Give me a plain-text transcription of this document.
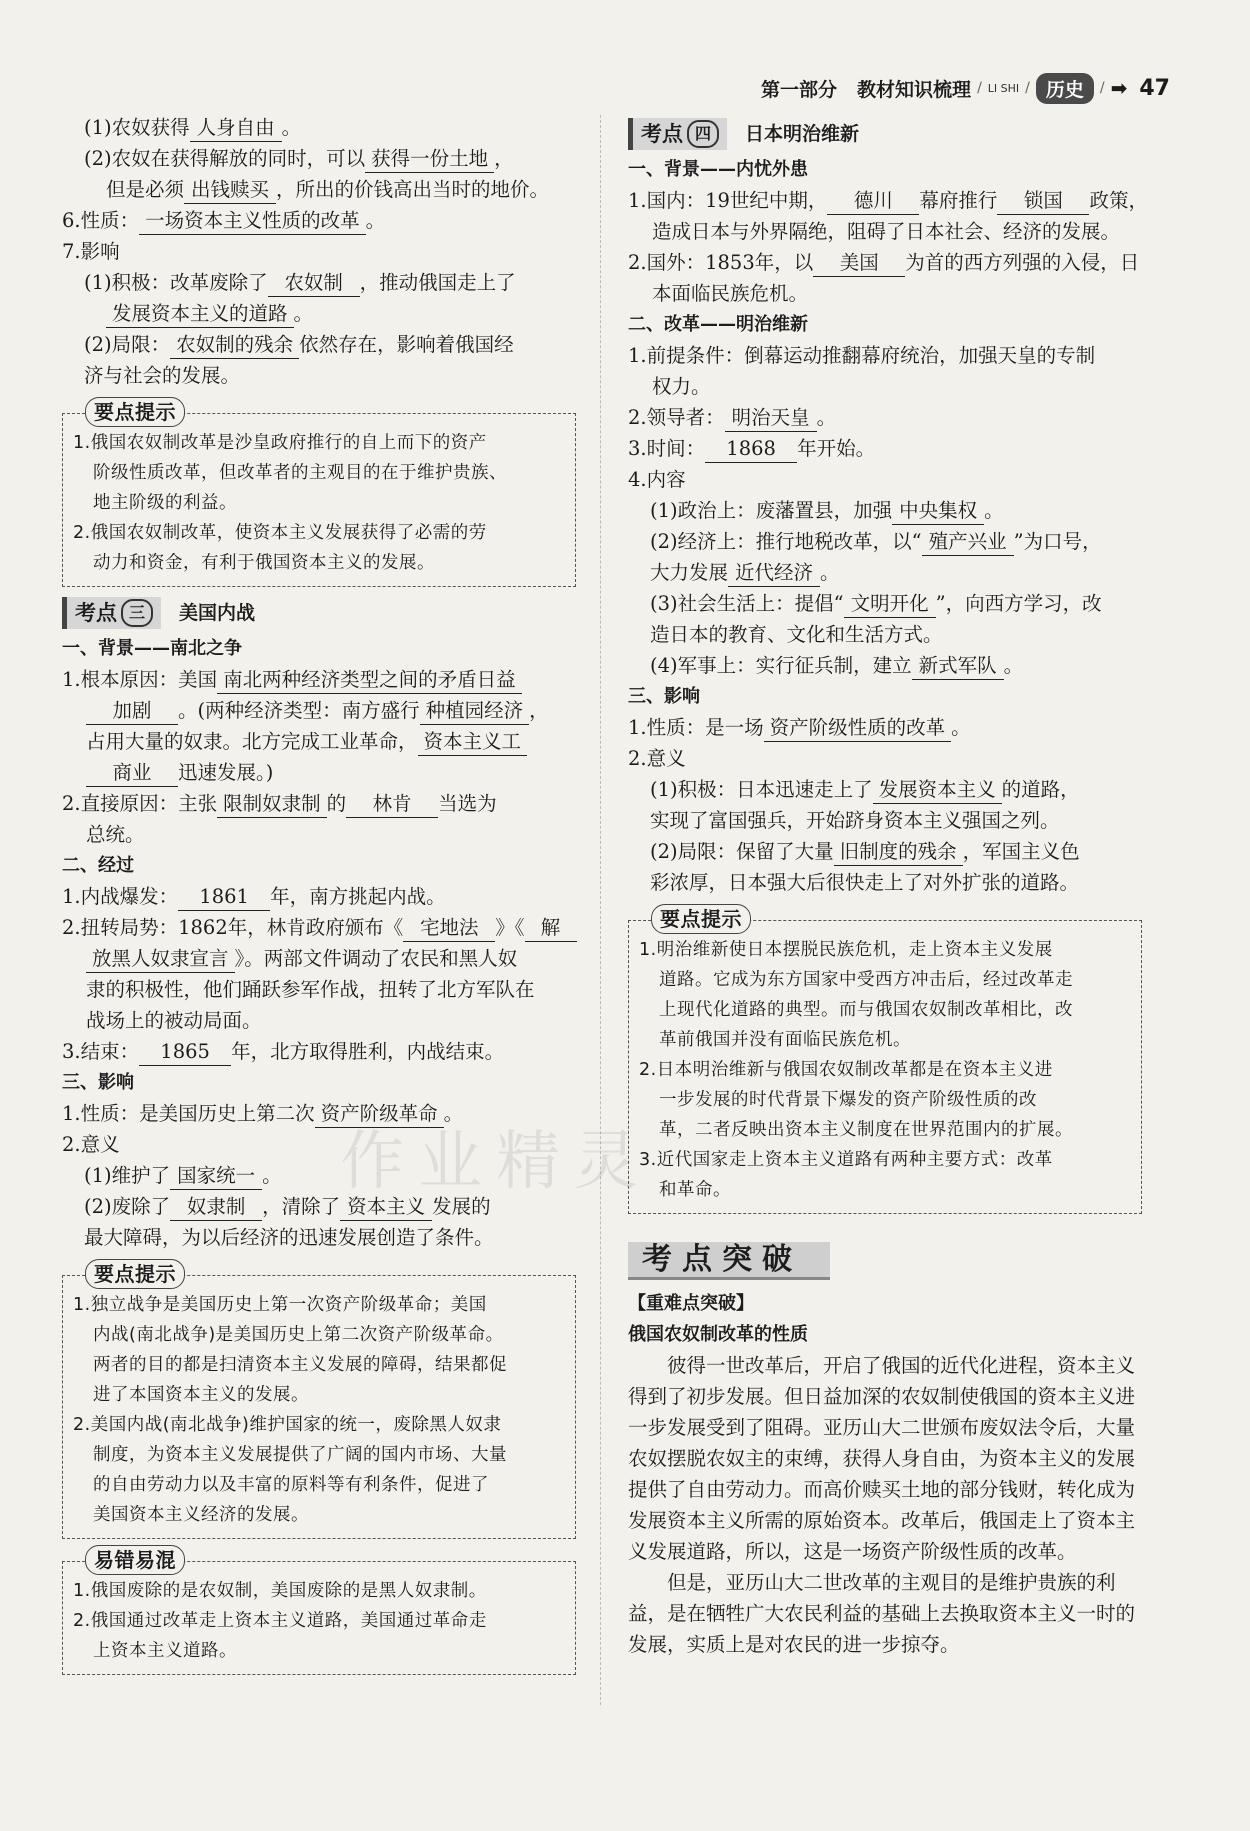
第一部分 教材知识梳理 / LI SHI / 历史	/ ➡ 47
(1)农奴获得 人身自由 。
(2)农奴在获得解放的同时，可以 获得一份土地 ，
但是必须 出钱赎买 ，所出的价钱高出当时的地价。
6.性质： 一场资本主义性质的改革 。
7.影响
(1)积极：改革废除了 农奴制 ，推动俄国走上了
发展资本主义的道路 。
(2)局限： 农奴制的残余 依然存在，影响着俄国经
济与社会的发展。
要点提示
1.俄国农奴制改革是沙皇政府推行的自上而下的资产
阶级性质改革，但改革者的主观目的在于维护贵族、
地主阶级的利益。
2.俄国农奴制改革，使资本主义发展获得了必需的劳
动力和资金，有利于俄国资本主义的发展。
考点 三	美国内战
一、背景——南北之争
1.根本原因：美国 南北两种经济类型之间的矛盾日益
加剧 。(两种经济类型：南方盛行 种植园经济 ，
占用大量的奴隶。北方完成工业革命， 资本主义工
商业 迅速发展。)
2.直接原因：主张 限制奴隶制 的 林肯 当选为
总统。
二、经过
1.内战爆发： 1861 年，南方挑起内战。
2.扭转局势：1862年，林肯政府颁布《 宅地法 》《 解
放黑人奴隶宣言 》。两部文件调动了农民和黑人奴
隶的积极性，他们踊跃参军作战，扭转了北方军队在
战场上的被动局面。
3.结束： 1865 年，北方取得胜利，内战结束。
三、影响
1.性质：是美国历史上第二次 资产阶级革命 。
2.意义
(1)维护了 国家统一 。
(2)废除了 奴隶制 ，清除了 资本主义 发展的
最大障碍，为以后经济的迅速发展创造了条件。
要点提示
1.独立战争是美国历史上第一次资产阶级革命；美国
内战(南北战争)是美国历史上第二次资产阶级革命。
两者的目的都是扫清资本主义发展的障碍，结果都促
进了本国资本主义的发展。
2.美国内战(南北战争)维护国家的统一，废除黑人奴隶
制度，为资本主义发展提供了广阔的国内市场、大量
的自由劳动力以及丰富的原料等有利条件，促进了
美国资本主义经济的发展。
易错易混
1.俄国废除的是农奴制，美国废除的是黑人奴隶制。
2.俄国通过改革走上资本主义道路，美国通过革命走
上资本主义道路。
考点 四	日本明治维新
一、背景——内忧外患
1.国内：19世纪中期， 德川 幕府推行 锁国 政策，
造成日本与外界隔绝，阻碍了日本社会、经济的发展。
2.国外：1853年，以 美国 为首的西方列强的入侵，日
本面临民族危机。
二、改革——明治维新
1.前提条件：倒幕运动推翻幕府统治，加强天皇的专制
权力。
2.领导者： 明治天皇 。
3.时间： 1868 年开始。
4.内容
(1)政治上：废藩置县，加强 中央集权 。
(2)经济上：推行地税改革，以“ 殖产兴业 ”为口号，
大力发展 近代经济 。
(3)社会生活上：提倡“ 文明开化 ”，向西方学习，改
造日本的教育、文化和生活方式。
(4)军事上：实行征兵制，建立 新式军队 。
三、影响
1.性质：是一场 资产阶级性质的改革 。
2.意义
(1)积极：日本迅速走上了 发展资本主义 的道路，
实现了富国强兵，开始跻身资本主义强国之列。
(2)局限：保留了大量 旧制度的残余 ，军国主义色
彩浓厚，日本强大后很快走上了对外扩张的道路。
要点提示
1.明治维新使日本摆脱民族危机，走上资本主义发展
道路。它成为东方国家中受西方冲击后，经过改革走
上现代化道路的典型。而与俄国农奴制改革相比，改
革前俄国并没有面临民族危机。
2.日本明治维新与俄国农奴制改革都是在资本主义进
一步发展的时代背景下爆发的资产阶级性质的改
革，二者反映出资本主义制度在世界范围内的扩展。
3.近代国家走上资本主义道路有两种主要方式：改革
和革命。
考点突破
【重难点突破】
俄国农奴制改革的性质
彼得一世改革后，开启了俄国的近代化进程，资本主义得到了初步发展。但日益加深的农奴制使俄国的资本主义进一步发展受到了阻碍。亚历山大二世颁布废奴法令后，大量农奴摆脱农奴主的束缚，获得人身自由，为资本主义的发展提供了自由劳动力。而高价赎买土地的部分钱财，转化成为发展资本主义所需的原始资本。改革后，俄国走上了资本主义发展道路，所以，这是一场资产阶级性质的改革。
但是，亚历山大二世改革的主观目的是维护贵族的利益，是在牺牲广大农民利益的基础上去换取资本主义一时的发展，实质上是对农民的进一步掠夺。
作业精灵
